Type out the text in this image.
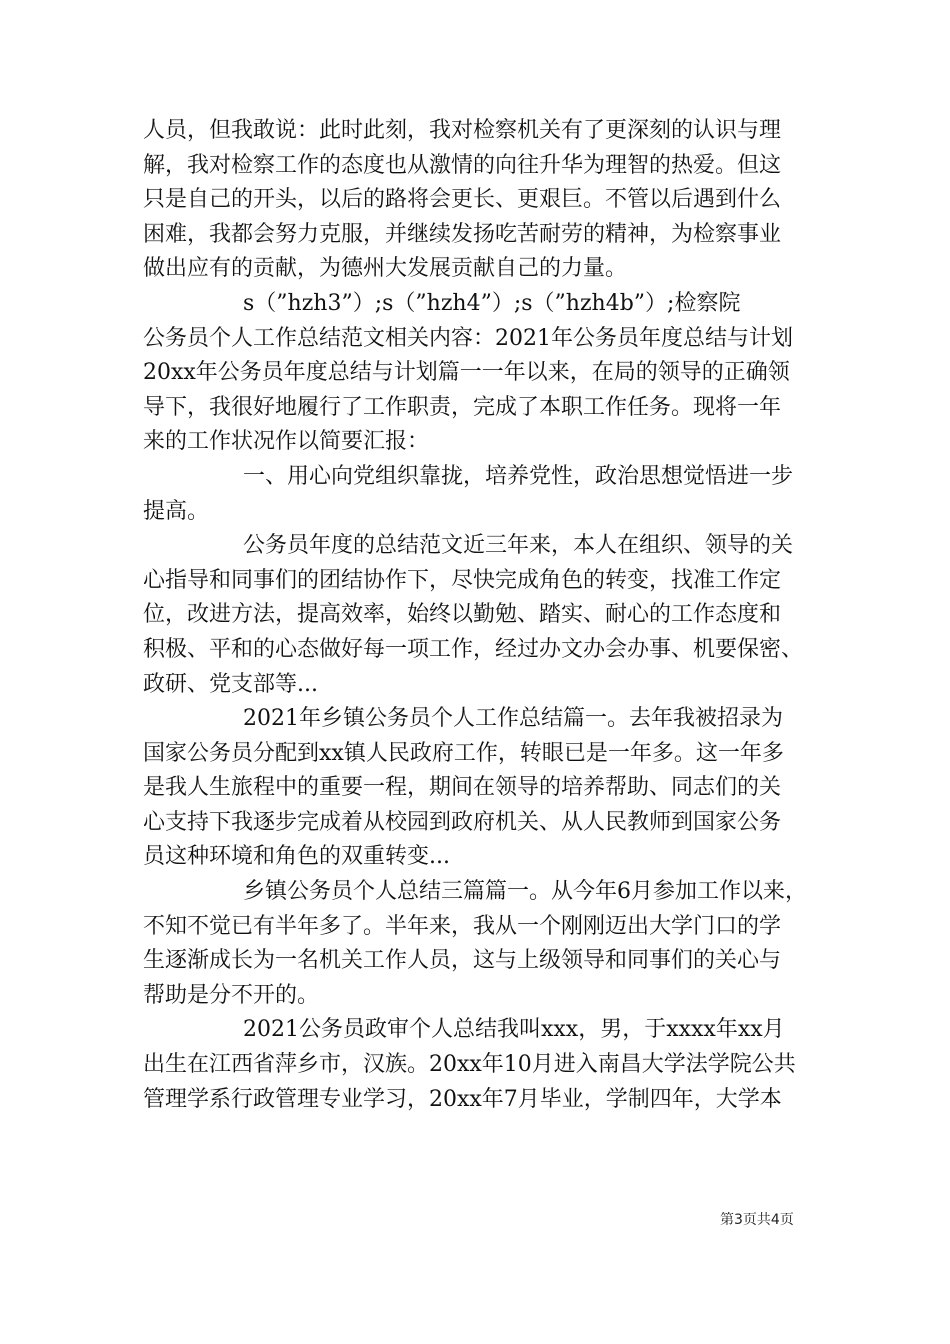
人员，但我敢说：此时此刻，我对检察机关有了更深刻的认识与理
解，我对检察工作的态度也从激情的向往升华为理智的热爱。但这
只是自己的开头，以后的路将会更长、更艰巨。不管以后遇到什么
困难，我都会努力克服，并继续发扬吃苦耐劳的精神，为检察事业
做出应有的贡献，为德州大发展贡献自己的力量。
s（”hzh3”）;s（”hzh4”）;s（”hzh4b”）;检察院
公务员个人工作总结范文相关内容：2021年公务员年度总结与计划
20xx年公务员年度总结与计划篇一一年以来，在局的领导的正确领
导下，我很好地履行了工作职责，完成了本职工作任务。现将一年
来的工作状况作以简要汇报：
一、用心向党组织靠拢，培养党性，政治思想觉悟进一步
提高。
公务员年度的总结范文近三年来，本人在组织、领导的关
心指导和同事们的团结协作下，尽快完成角色的转变，找准工作定
位，改进方法，提高效率，始终以勤勉、踏实、耐心的工作态度和
积极、平和的心态做好每一项工作，经过办文办会办事、机要保密、
政研、党支部等...
2021年乡镇公务员个人工作总结篇一。去年我被招录为
国家公务员分配到xx镇人民政府工作，转眼已是一年多。这一年多
是我人生旅程中的重要一程，期间在领导的培养帮助、同志们的关
心支持下我逐步完成着从校园到政府机关、从人民教师到国家公务
员这种环境和角色的双重转变...
乡镇公务员个人总结三篇篇一。从今年6月参加工作以来，
不知不觉已有半年多了。半年来，我从一个刚刚迈出大学门口的学
生逐渐成长为一名机关工作人员，这与上级领导和同事们的关心与
帮助是分不开的。
2021公务员政审个人总结我叫xxx，男，于xxxx年xx月
出生在江西省萍乡市，汉族。20xx年10月进入南昌大学法学院公共
管理学系行政管理专业学习，20xx年7月毕业，学制四年，大学本
第3页共4页
